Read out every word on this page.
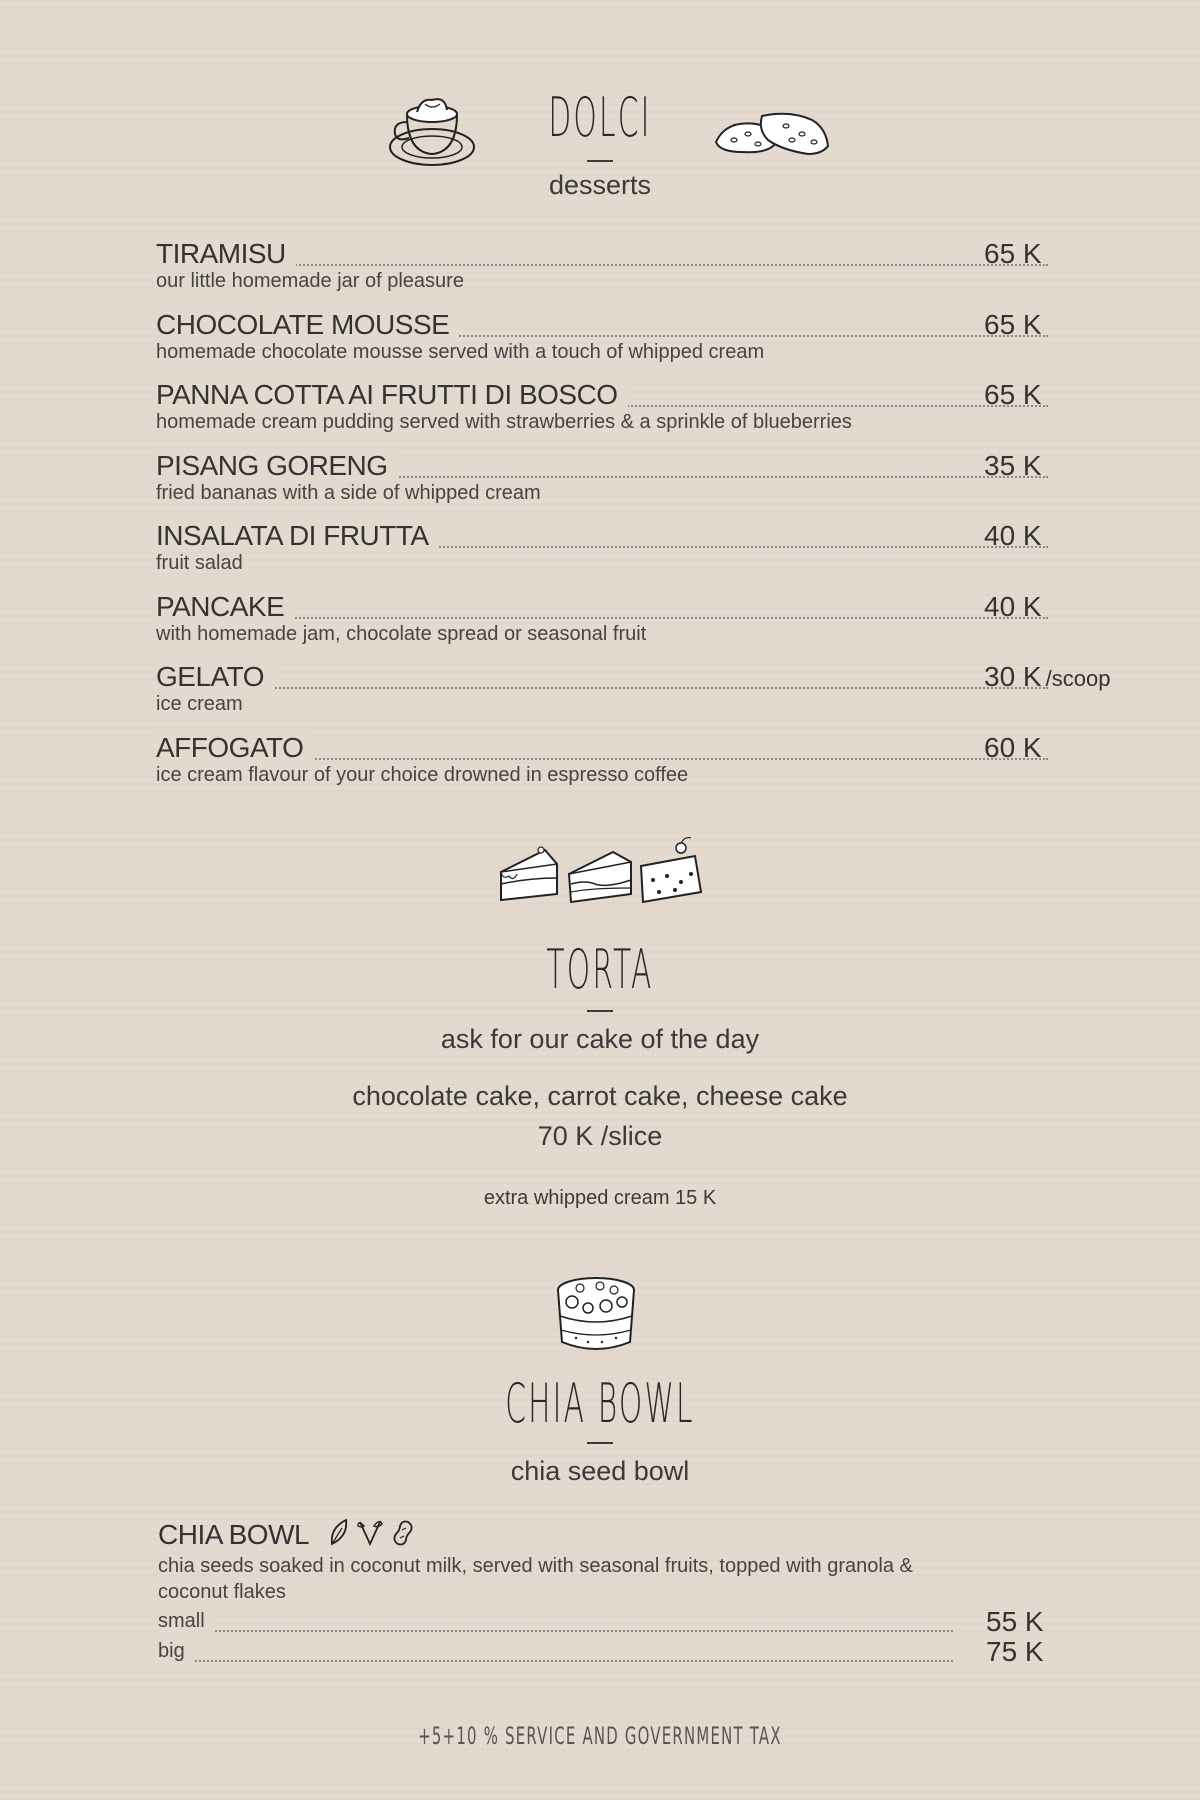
DOLCI
desserts
TIRAMISU	65 K
our little homemade jar of pleasure
CHOCOLATE MOUSSE	65 K
homemade chocolate mousse served with a touch of whipped cream
PANNA COTTA AI FRUTTI DI BOSCO	65 K
homemade cream pudding served with strawberries & a sprinkle of blueberries
PISANG GORENG	35 K
fried bananas with a side of whipped cream
INSALATA DI FRUTTA	40 K
fruit salad
PANCAKE	40 K
with homemade jam, chocolate spread or seasonal fruit
GELATO	30 K /scoop
ice cream
AFFOGATO	60 K
ice cream flavour of your choice drowned in espresso coffee
TORTA
ask for our cake of the day
chocolate cake, carrot cake, cheese cake
70 K /slice
extra whipped cream 15 K
CHIA BOWL
chia seed bowl
CHIA BOWL
chia seeds soaked in coconut milk, served with seasonal fruits, topped with granola & coconut flakes
small	55 K
big	75 K
+5+10 % SERVICE AND GOVERNMENT TAX
